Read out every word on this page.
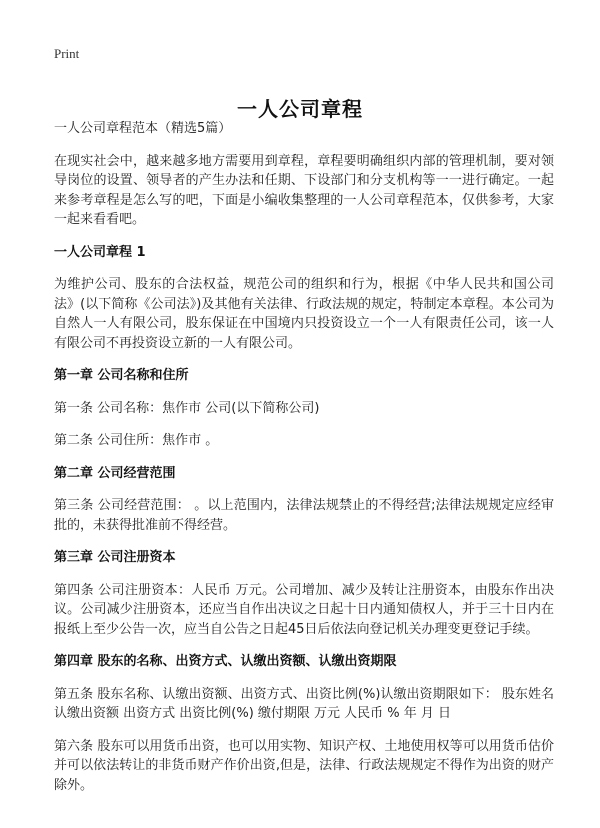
Print
一人公司章程

一人公司章程范本（精选5篇）

在现实社会中，越来越多地方需要用到章程，章程要明确组织内部的管理机制，要对领导岗位的设置、领导者的产生办法和任期、下设部门和分支机构等一一进行确定。一起来参考章程是怎么写的吧，下面是小编收集整理的一人公司章程范本，仅供参考，大家一起来看看吧。

一人公司章程 1

为维护公司、股东的合法权益，规范公司的组织和行为，根据《中华人民共和国公司法》(以下简称《公司法》)及其他有关法律、行政法规的规定，特制定本章程。本公司为自然人一人有限公司，股东保证在中国境内只投资设立一个一人有限责任公司，该一人有限公司不再投资设立新的一人有限公司。

第一章 公司名称和住所

第一条 公司名称：焦作市 公司(以下简称公司)

第二条 公司住所：焦作市 。

第二章 公司经营范围

第三条 公司经营范围： 。以上范围内，法律法规禁止的不得经营;法律法规规定应经审批的，未获得批准前不得经营。

第三章 公司注册资本

第四条 公司注册资本：人民币 万元。公司增加、减少及转让注册资本，由股东作出决议。公司减少注册资本，还应当自作出决议之日起十日内通知债权人，并于三十日内在报纸上至少公告一次，应当自公告之日起45日后依法向登记机关办理变更登记手续。

第四章 股东的名称、出资方式、认缴出资额、认缴出资期限

第五条 股东名称、认缴出资额、出资方式、出资比例(%)认缴出资期限如下： 股东姓名 认缴出资额 出资方式 出资比例(%) 缴付期限 万元 人民币 % 年 月 日

第六条 股东可以用货币出资，也可以用实物、知识产权、土地使用权等可以用货币估价并可以依法转让的非货币财产作价出资,但是，法律、行政法规规定不得作为出资的财产除外。
